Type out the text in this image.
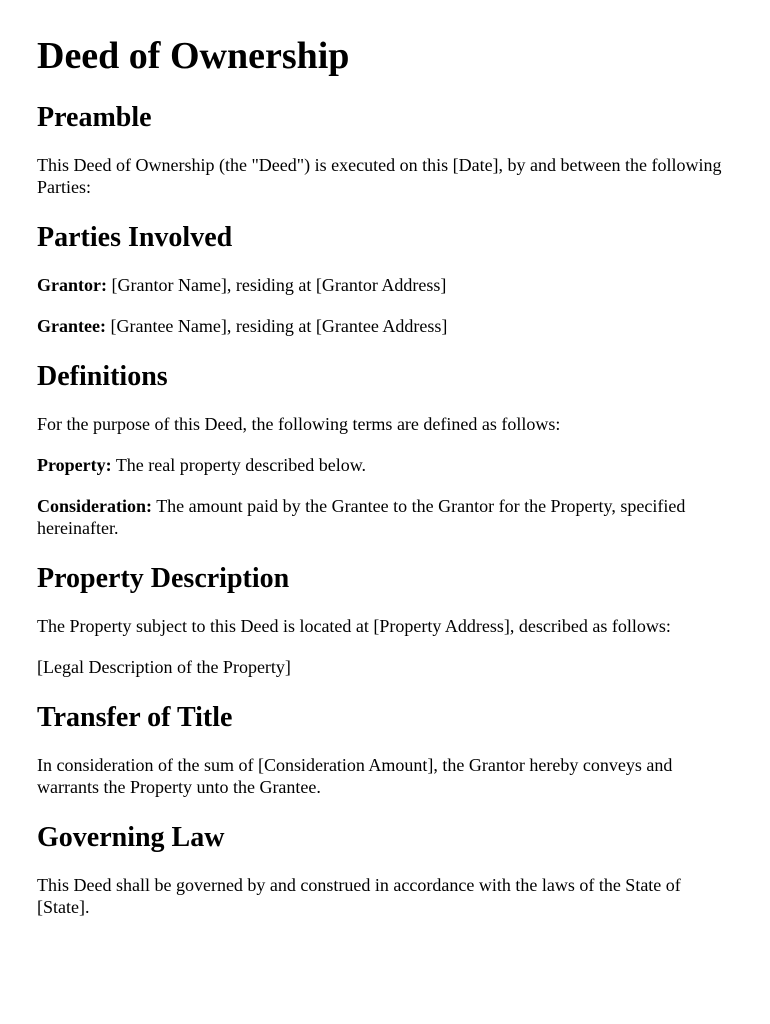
Deed of Ownership
Preamble

This Deed of Ownership (the "Deed") is executed on this [Date], by and between the following Parties:

Parties Involved

Grantor: [Grantor Name], residing at [Grantor Address]

Grantee: [Grantee Name], residing at [Grantee Address]

Definitions

For the purpose of this Deed, the following terms are defined as follows:

Property: The real property described below.

Consideration: The amount paid by the Grantee to the Grantor for the Property, specified hereinafter.

Property Description

The Property subject to this Deed is located at [Property Address], described as follows:

[Legal Description of the Property]

Transfer of Title

In consideration of the sum of [Consideration Amount], the Grantor hereby conveys and warrants the Property unto the Grantee.

Governing Law

This Deed shall be governed by and construed in accordance with the laws of the State of [State].
